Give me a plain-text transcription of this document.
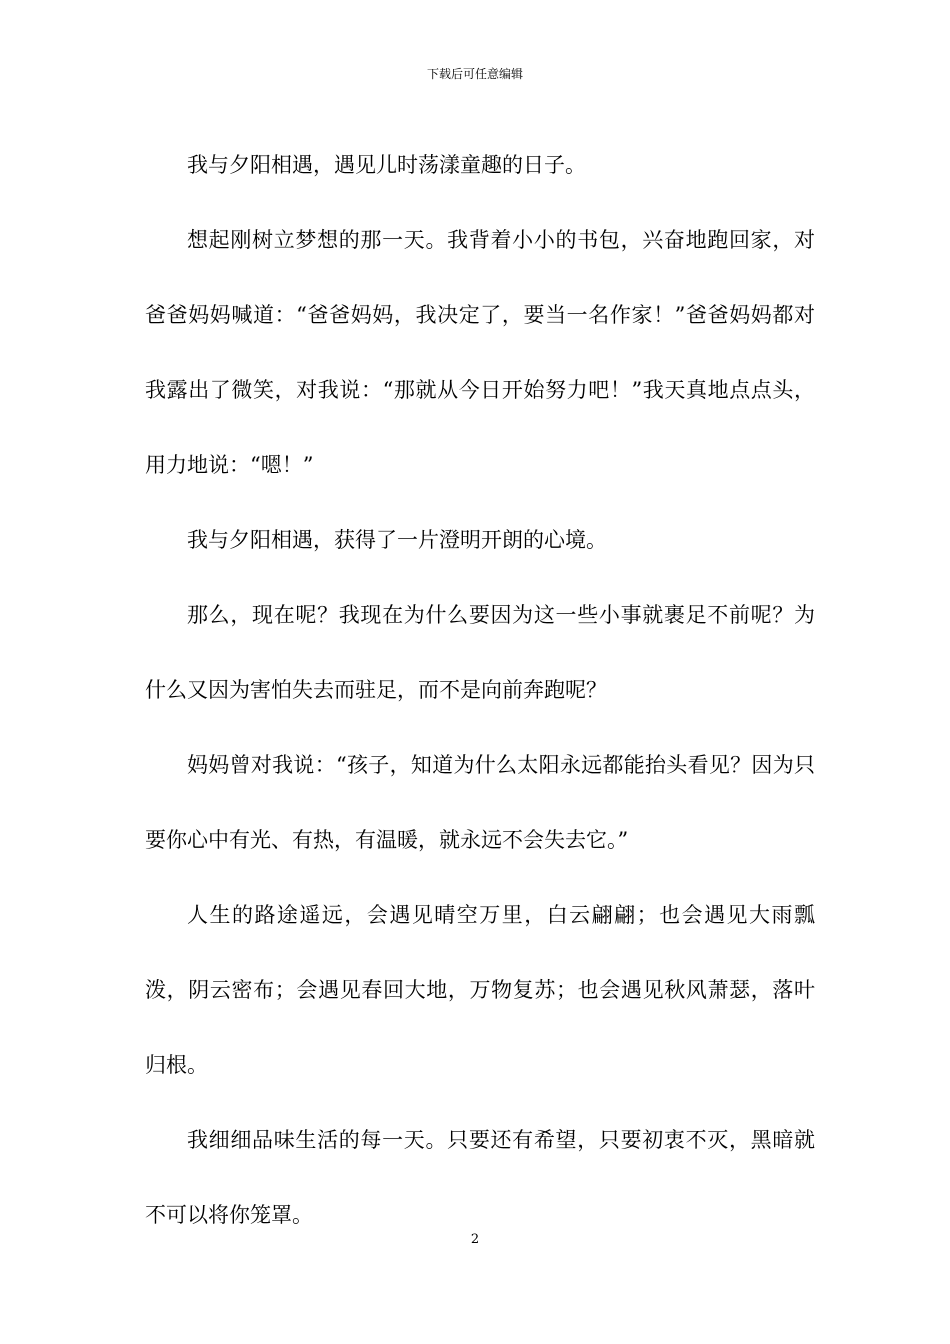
下载后可任意编辑

我与夕阳相遇，遇见儿时荡漾童趣的日子。

想起刚树立梦想的那一天。我背着小小的书包，兴奋地跑回家，对爸爸妈妈喊道：“爸爸妈妈，我决定了，要当一名作家！”爸爸妈妈都对我露出了微笑，对我说：“那就从今日开始努力吧！”我天真地点点头，用力地说：“嗯！”

我与夕阳相遇，获得了一片澄明开朗的心境。

那么，现在呢？我现在为什么要因为这一些小事就裹足不前呢？为什么又因为害怕失去而驻足，而不是向前奔跑呢？

妈妈曾对我说：“孩子，知道为什么太阳永远都能抬头看见？因为只要你心中有光、有热，有温暖，就永远不会失去它。”

人生的路途遥远，会遇见晴空万里，白云翩翩；也会遇见大雨瓢泼，阴云密布；会遇见春回大地，万物复苏；也会遇见秋风萧瑟，落叶归根。

我细细品味生活的每一天。只要还有希望，只要初衷不灭，黑暗就不可以将你笼罩。

2
